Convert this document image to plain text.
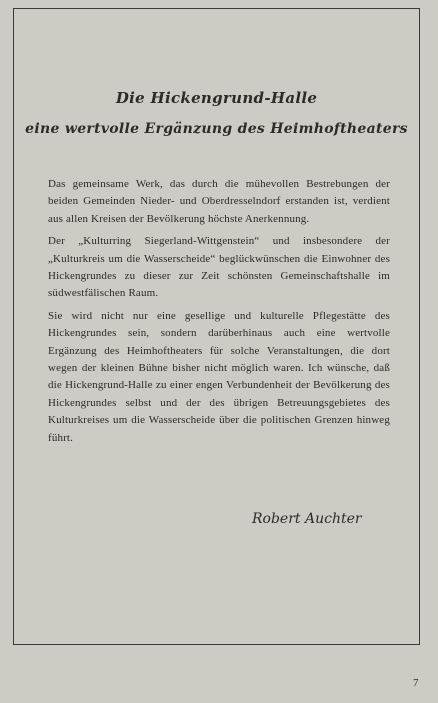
Die Hickengrund-Halle
eine wertvolle Ergänzung des Heimhoftheaters

Das gemeinsame Werk, das durch die mühevollen Bestrebungen der beiden Gemeinden Nieder- und Oberdresselndorf erstanden ist, verdient aus allen Kreisen der Bevölkerung höchste Anerkennung.

Der „Kulturring Siegerland-Wittgenstein“ und insbesondere der „Kulturkreis um die Wasserscheide“ beglückwünschen die Einwohner des Hickengrundes zu dieser zur Zeit schönsten Gemeinschaftshalle im südwestfälischen Raum.

Sie wird nicht nur eine gesellige und kulturelle Pflegestätte des Hickengrundes sein, sondern darüberhinaus auch eine wertvolle Ergänzung des Heimhoftheaters für solche Veranstaltungen, die dort wegen der kleinen Bühne bisher nicht möglich waren. Ich wünsche, daß die Hickengrund-Halle zu einer engen Verbundenheit der Bevölkerung des Hickengrundes selbst und der des übrigen Betreuungsgebietes des Kulturkreises um die Wasserscheide über die politischen Grenzen hinweg führt.

Robert Auchter

7
